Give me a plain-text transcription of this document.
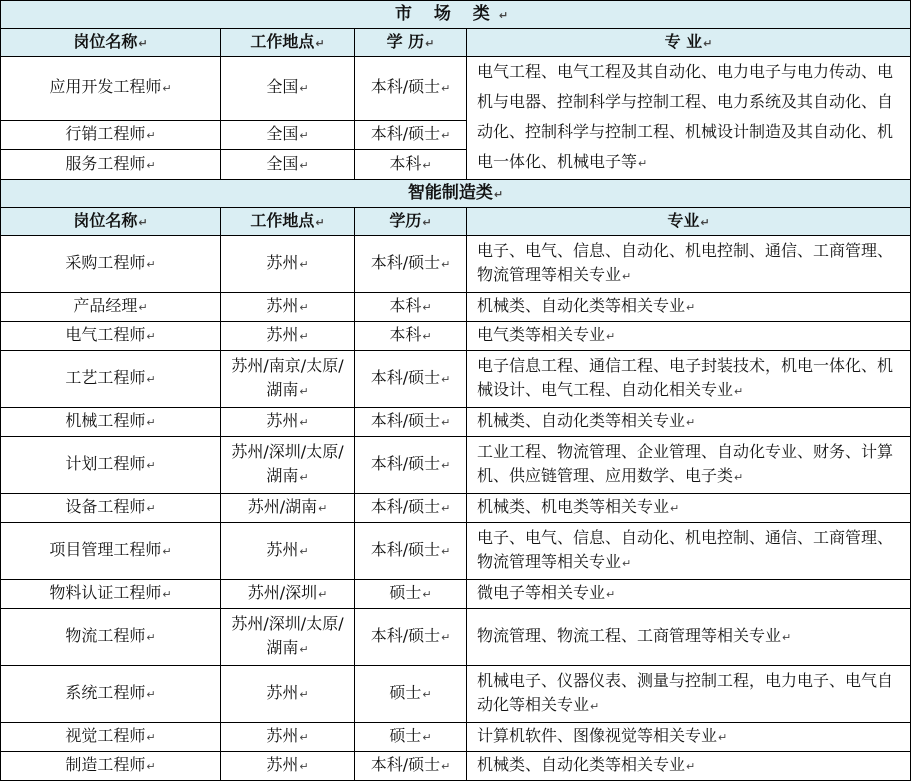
市 场 类 ↵
岗位名称 ↵	工作地点 ↵	学 历 ↵	专 业 ↵
应用开发工程师 ↵	全国 ↵	本科/硕士 ↵	电气工程、电气工程及其自动化、电力电子与电力传动、电机与电器、控制科学与控制工程、电力系统及其自动化、自动化、控制科学与控制工程、机械设计制造及其自动化、机电一体化、机械电子等 ↵
行销工程师 ↵	全国 ↵	本科/硕士 ↵
服务工程师 ↵	全国 ↵	本科 ↵
智能制造类 ↵
岗位名称 ↵	工作地点 ↵	学历 ↵	专业 ↵
采购工程师 ↵	苏州 ↵	本科/硕士 ↵	电子、电气、信息、自动化、机电控制、通信、工商管理、物流管理等相关专业 ↵
产品经理 ↵	苏州 ↵	本科 ↵	机械类、自动化类等相关专业 ↵
电气工程师 ↵	苏州 ↵	本科 ↵	电气类等相关专业 ↵
工艺工程师 ↵	苏州/南京/太原/湖南 ↵	本科/硕士 ↵	电子信息工程、通信工程、电子封装技术，机电一体化、机械设计、电气工程、自动化相关专业 ↵
机械工程师 ↵	苏州 ↵	本科/硕士 ↵	机械类、自动化类等相关专业 ↵
计划工程师 ↵	苏州/深圳/太原/湖南 ↵	本科/硕士 ↵	工业工程、物流管理、企业管理、自动化专业、财务、计算机、供应链管理、应用数学、电子类 ↵
设备工程师 ↵	苏州/湖南 ↵	本科/硕士 ↵	机械类、机电类等相关专业 ↵
项目管理工程师 ↵	苏州 ↵	本科/硕士 ↵	电子、电气、信息、自动化、机电控制、通信、工商管理、物流管理等相关专业 ↵
物料认证工程师 ↵	苏州/深圳 ↵	硕士 ↵	微电子等相关专业 ↵
物流工程师 ↵	苏州/深圳/太原/湖南 ↵	本科/硕士 ↵	物流管理、物流工程、工商管理等相关专业 ↵
系统工程师 ↵	苏州 ↵	硕士 ↵	机械电子、仪器仪表、测量与控制工程，电力电子、电气自动化等相关专业 ↵
视觉工程师 ↵	苏州 ↵	硕士 ↵	计算机软件、图像视觉等相关专业 ↵
制造工程师 ↵	苏州 ↵	本科/硕士 ↵	机械类、自动化类等相关专业 ↵
